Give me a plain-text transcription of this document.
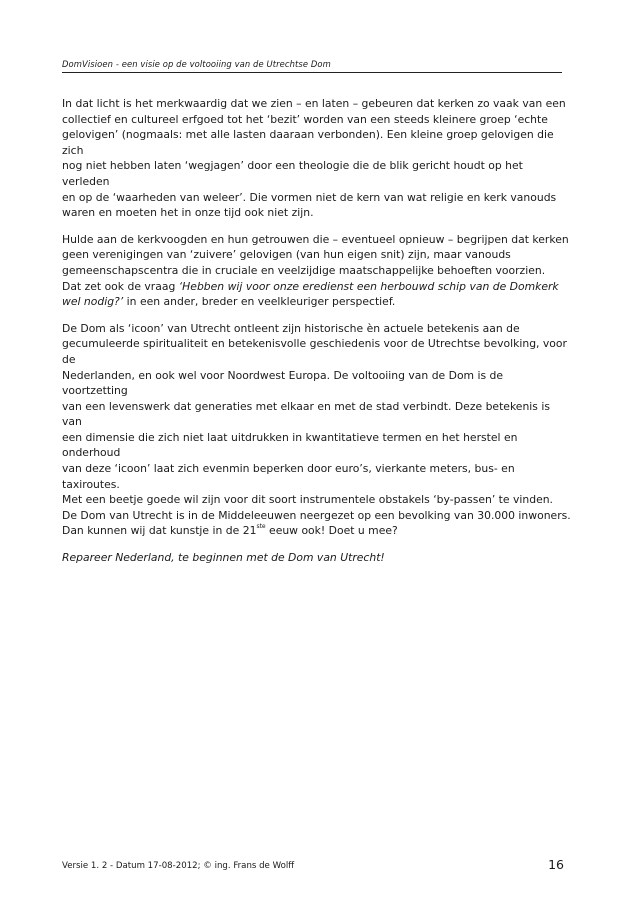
DomVisioen - een visie op de voltooiing van de Utrechtse Dom

In dat licht is het merkwaardig dat we zien – en laten – gebeuren dat kerken zo vaak van een
collectief en cultureel erfgoed tot het ‘bezit’ worden van een steeds kleinere groep ‘echte
gelovigen’ (nogmaals: met alle lasten daaraan verbonden). Een kleine groep gelovigen die zich
nog niet hebben laten ‘wegjagen’ door een theologie die de blik gericht houdt op het verleden
en op de ‘waarheden van weleer’. Die vormen niet de kern van wat religie en kerk vanouds
waren en moeten het in onze tijd ook niet zijn.

Hulde aan de kerkvoogden en hun getrouwen die – eventueel opnieuw – begrijpen dat kerken
geen verenigingen van ‘zuivere’ gelovigen (van hun eigen snit) zijn, maar vanouds
gemeenschapscentra die in cruciale en veelzijdige maatschappelijke behoeften voorzien.
Dat zet ook de vraag ‘Hebben wij voor onze eredienst een herbouwd schip van de Domkerk
wel nodig?’ in een ander, breder en veelkleuriger perspectief.

De Dom als ‘icoon’ van Utrecht ontleent zijn historische èn actuele betekenis aan de
gecumuleerde spiritualiteit en betekenisvolle geschiedenis voor de Utrechtse bevolking, voor de
Nederlanden, en ook wel voor Noordwest Europa. De voltooiing van de Dom is de voortzetting
van een levenswerk dat generaties met elkaar en met de stad verbindt. Deze betekenis is van
een dimensie die zich niet laat uitdrukken in kwantitatieve termen en het herstel en onderhoud
van deze ‘icoon’ laat zich evenmin beperken door euro’s, vierkante meters, bus- en taxiroutes.
Met een beetje goede wil zijn voor dit soort instrumentele obstakels ‘by-passen’ te vinden.
De Dom van Utrecht is in de Middeleeuwen neergezet op een bevolking van 30.000 inwoners.
Dan kunnen wij dat kunstje in de 21ste eeuw ook! Doet u mee?

Repareer Nederland, te beginnen met de Dom van Utrecht!

Versie 1. 2 - Datum 17-08-2012; © ing. Frans de Wolff	16
